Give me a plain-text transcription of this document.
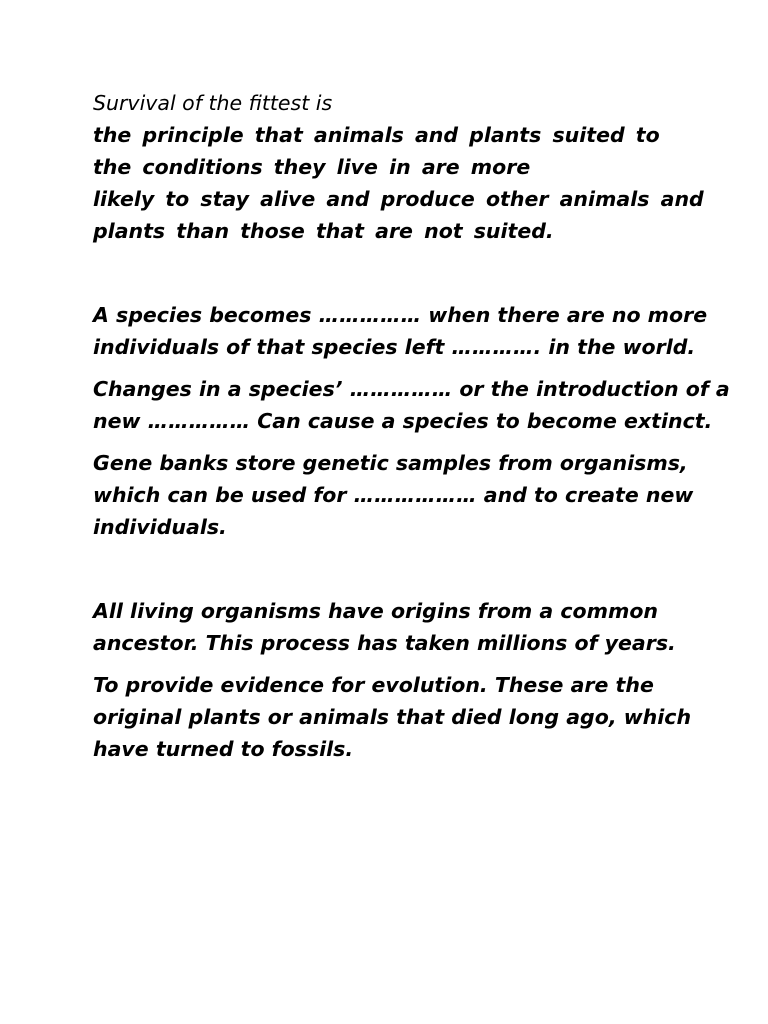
Survival of the fittest is
the principle that animals and plants suited to
the conditions they live in are more
likely to stay alive and produce other animals and
plants than those that are not suited.

A species becomes …………… when there are no more
individuals of that species left …………. in the world.

Changes in a species’ …………… or the introduction of a
new …………… Can cause a species to become extinct.

Gene banks store genetic samples from organisms,
which can be used for ……………… and to create new
individuals.

All living organisms have origins from a common
ancestor. This process has taken millions of years.

To provide evidence for evolution. These are the
original plants or animals that died long ago, which
have turned to fossils.
